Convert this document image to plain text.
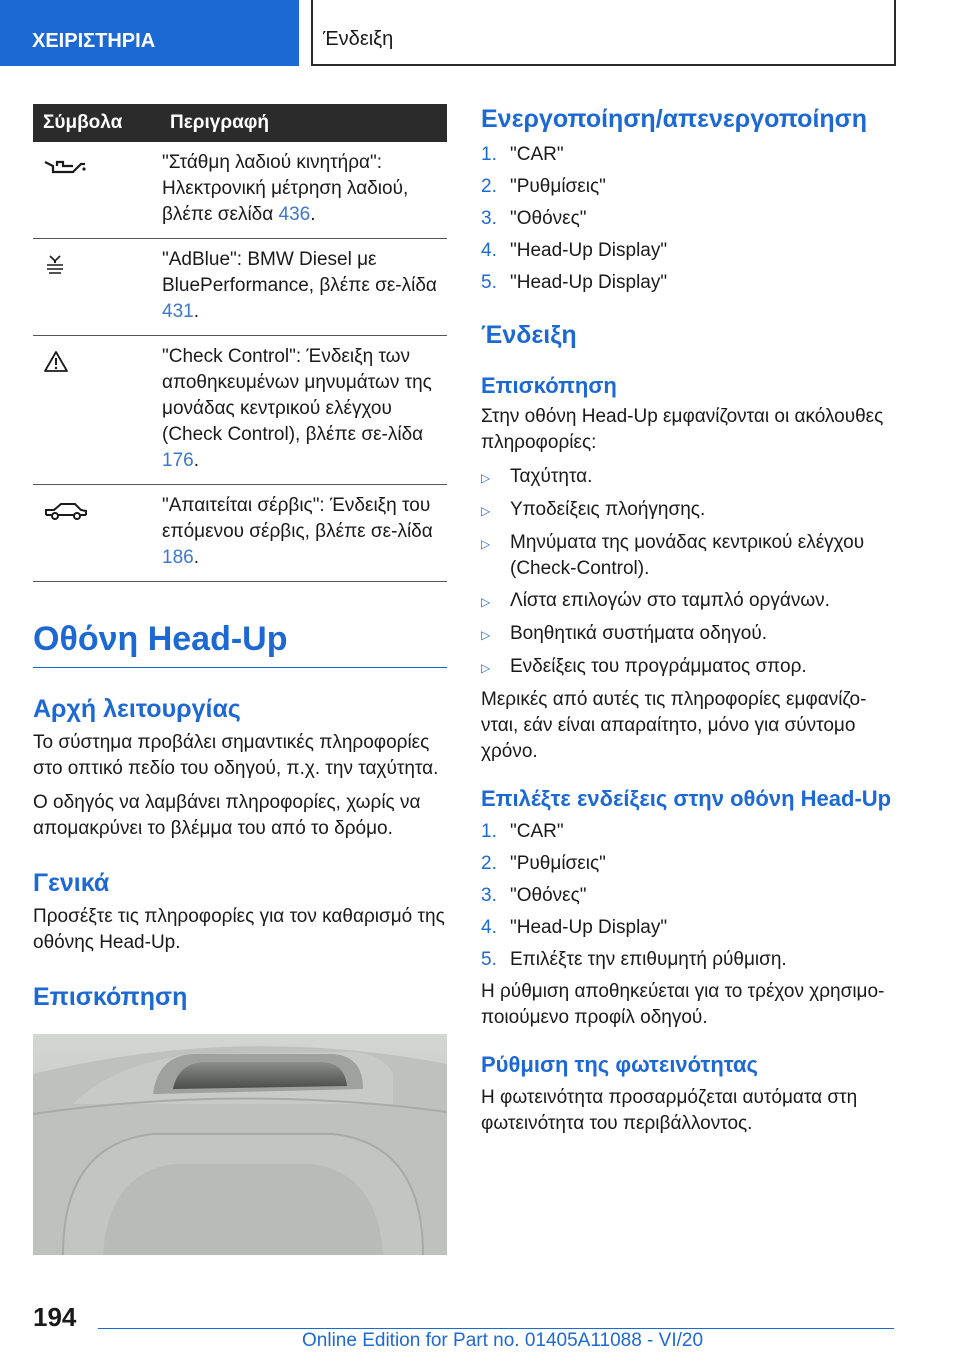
ΧΕΙΡΙΣΤΗΡΙΑ	Ένδειξη
Σύμβολα	Περιγραφή
	"Στάθμη λαδιού κινητήρα": Ηλεκτρονική μέτρηση λαδιού, βλέπε σελίδα 436.
	"AdBlue": BMW Diesel με BluePerformance, βλέπε σε-λίδα 431.
	"Check Control": Ένδειξη των αποθηκευμένων μηνυμάτων της μονάδας κεντρικού ελέγχου (Check Control), βλέπε σε-λίδα 176.
	"Απαιτείται σέρβις": Ένδειξη του επόμενου σέρβις, βλέπε σε-λίδα 186.
Οθόνη Head-Up
Αρχή λειτουργίας

Το σύστημα προβάλει σημαντικές πληροφορίες στο οπτικό πεδίο του οδηγού, π.χ. την ταχύτητα.

Ο οδηγός να λαμβάνει πληροφορίες, χωρίς να απομακρύνει το βλέμμα του από το δρόμο.

Γενικά

Προσέξτε τις πληροφορίες για τον καθαρισμό της οθόνης Head-Up.

Επισκόπηση
Ενεργοποίηση/απενεργοποίηση
1. "CAR"
2. "Ρυθμίσεις"
3. "Οθόνες"
4. "Head-Up Display"
5. "Head-Up Display"
Ένδειξη
Επισκόπηση

Στην οθόνη Head-Up εμφανίζονται οι ακόλουθες πληροφορίες:

▷	Ταχύτητα.
▷	Υποδείξεις πλοήγησης.
▷	Μηνύματα της μονάδας κεντρικού ελέγχου (Check-Control).
▷	Λίστα επιλογών στο ταμπλό οργάνων.
▷	Βοηθητικά συστήματα οδηγού.
▷	Ενδείξεις του προγράμματος σπορ.

Μερικές από αυτές τις πληροφορίες εμφανίζο-νται, εάν είναι απαραίτητο, μόνο για σύντομο χρόνο.

Επιλέξτε ενδείξεις στην οθόνη Head-Up
1. "CAR"
2. "Ρυθμίσεις"
3. "Οθόνες"
4. "Head-Up Display"
5. Επιλέξτε την επιθυμητή ρύθμιση.

Η ρύθμιση αποθηκεύεται για το τρέχον χρησιμο-ποιούμενο προφίλ οδηγού.

Ρύθμιση της φωτεινότητας

Η φωτεινότητα προσαρμόζεται αυτόματα στη φωτεινότητα του περιβάλλοντος.

194
Online Edition for Part no. 01405A11088 - VI/20
